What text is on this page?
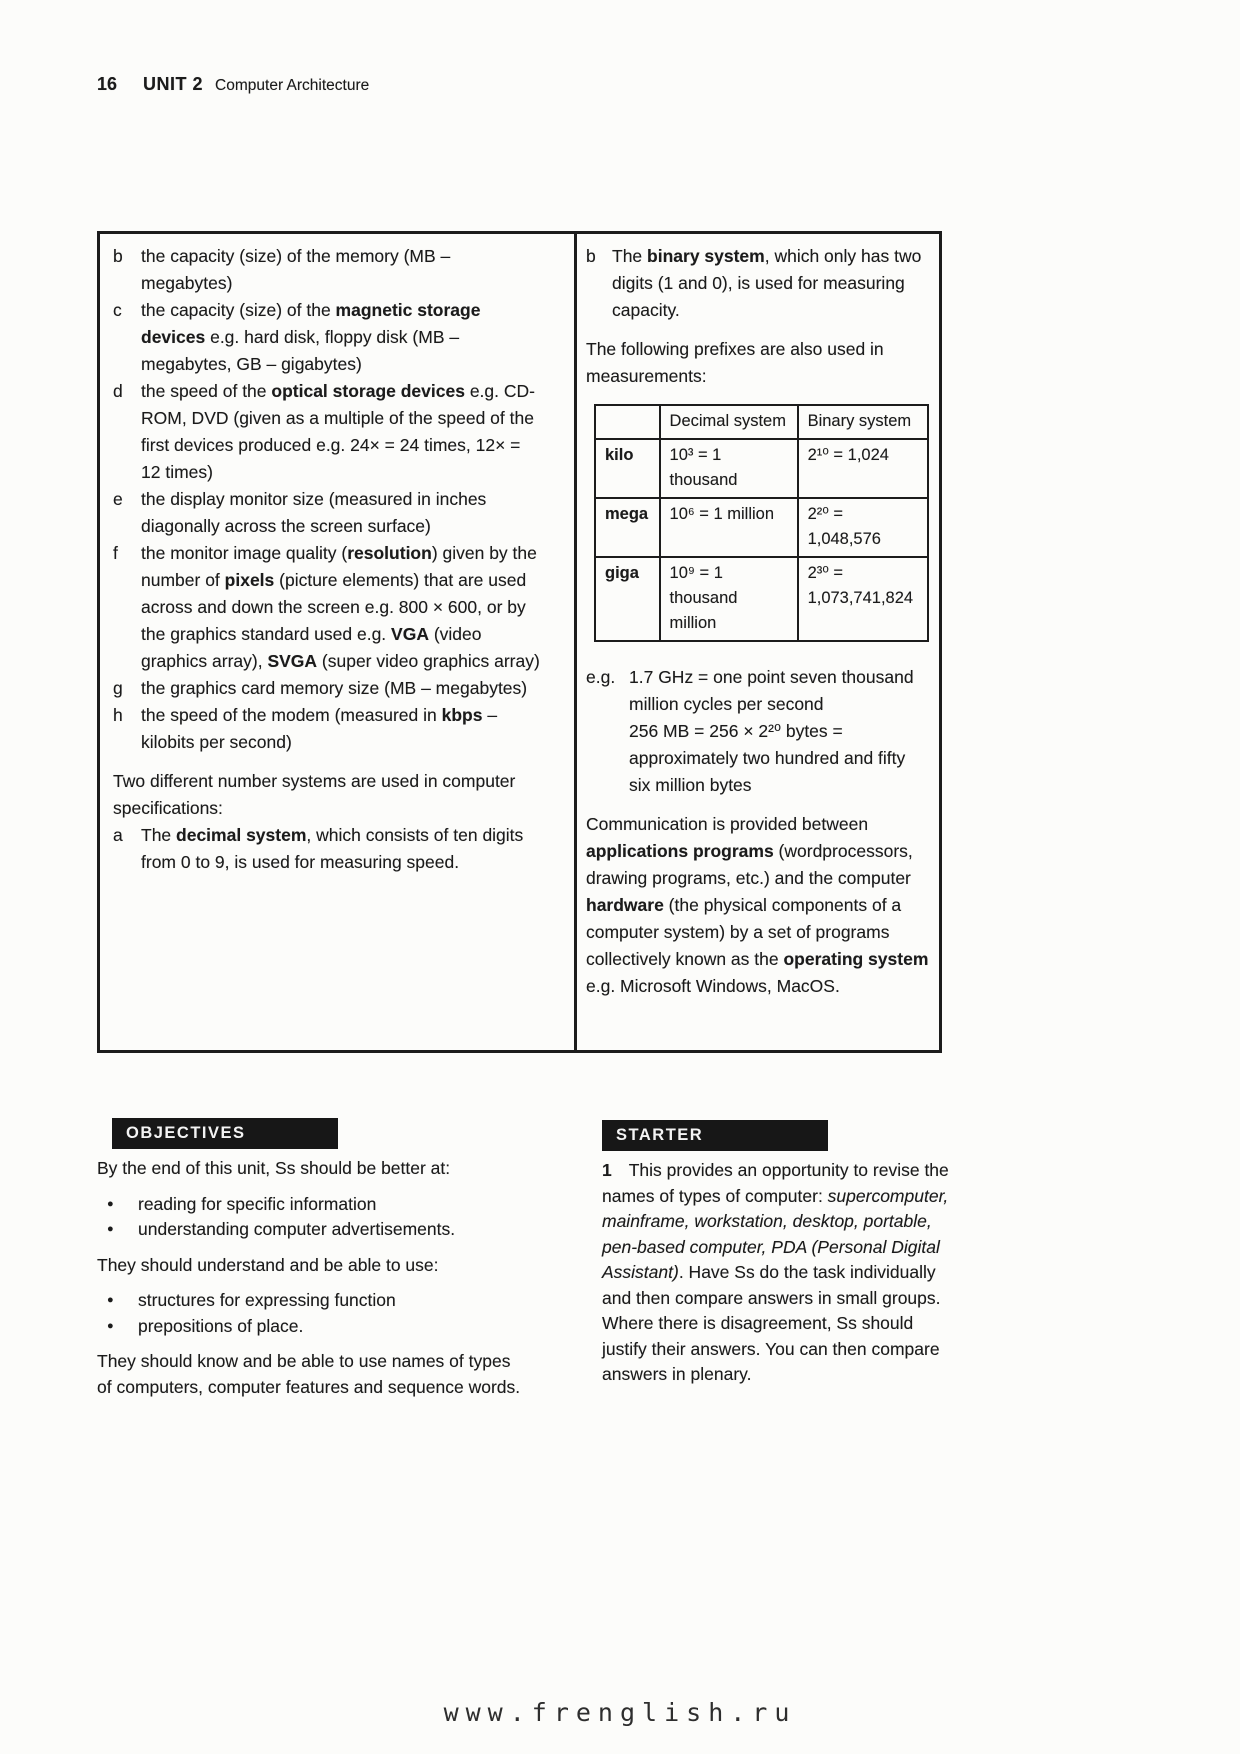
16 UNIT 2 Computer Architecture
b	the capacity (size) of the memory (MB – megabytes)
c	the capacity (size) of the magnetic storage devices e.g. hard disk, floppy disk (MB – megabytes, GB – gigabytes)
d	the speed of the optical storage devices e.g. CD-ROM, DVD (given as a multiple of the speed of the first devices produced e.g. 24× = 24 times, 12× = 12 times)
e	the display monitor size (measured in inches diagonally across the screen surface)
f	the monitor image quality (resolution) given by the number of pixels (picture elements) that are used across and down the screen e.g. 800 × 600, or by the graphics standard used e.g. VGA (video graphics array), SVGA (super video graphics array)
g	the graphics card memory size (MB – megabytes)
h	the speed of the modem (measured in kbps – kilobits per second)

Two different number systems are used in computer specifications:

a	The decimal system, which consists of ten digits from 0 to 9, is used for measuring speed.
b The binary system, which only has two digits (1 and 0), is used for measuring capacity.

The following prefixes are also used in measurements:

	Decimal system	Binary system
kilo	10³ = 1 thousand	2¹⁰ = 1,024
mega	10⁶ = 1 million	2²⁰ = 1,048,576
giga	10⁹ = 1 thousand million	2³⁰ = 1,073,741,824
e.g. 1.7 GHz = one point seven thousand million cycles per second
256 MB = 256 × 2²⁰ bytes = approximately two hundred and fifty six million bytes

Communication is provided between applications programs (wordprocessors, drawing programs, etc.) and the computer hardware (the physical components of a computer system) by a set of programs collectively known as the operating system e.g. Microsoft Windows, MacOS.

OBJECTIVES

By the end of this unit, Ss should be better at:

● reading for specific information
● understanding computer advertisements.

They should understand and be able to use:

● structures for expressing function
● prepositions of place.

They should know and be able to use names of types of computers, computer features and sequence words.

STARTER

1 This provides an opportunity to revise the names of types of computer: supercomputer, mainframe, workstation, desktop, portable, pen-based computer, PDA (Personal Digital Assistant). Have Ss do the task individually and then compare answers in small groups. Where there is disagreement, Ss should justify their answers. You can then compare answers in plenary.

www.frenglish.ru
